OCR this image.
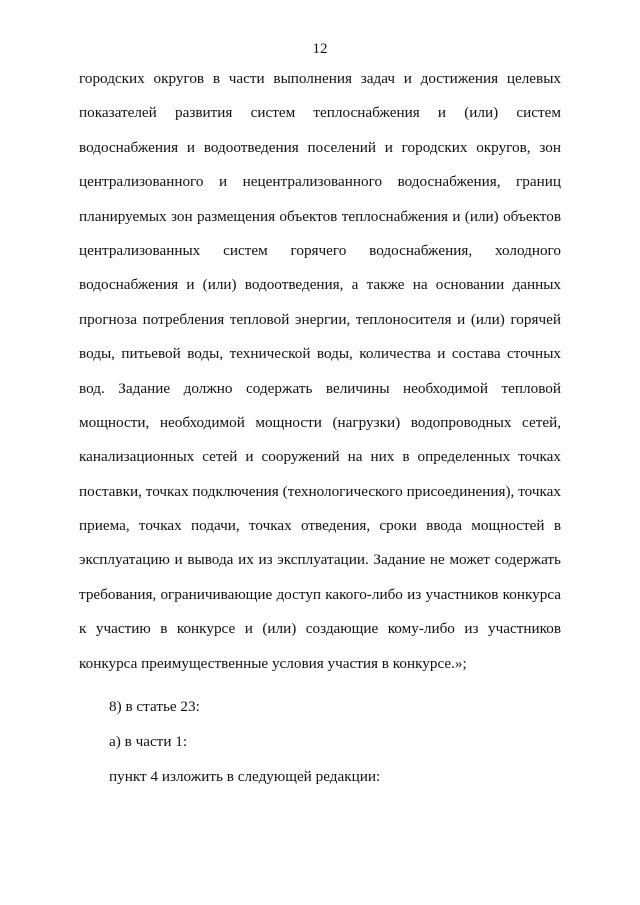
12
городских округов в части выполнения задач и достижения целевых
показателей развития систем теплоснабжения и (или) систем
водоснабжения и водоотведения поселений и городских округов, зон
централизованного и нецентрализованного водоснабжения, границ
планируемых зон размещения объектов теплоснабжения и (или) объектов
централизованных систем горячего водоснабжения, холодного
водоснабжения и (или) водоотведения, а также на основании данных
прогноза потребления тепловой энергии, теплоносителя и (или) горячей
воды, питьевой воды, технической воды, количества и состава сточных
вод. Задание должно содержать величины необходимой тепловой
мощности, необходимой мощности (нагрузки) водопроводных сетей,
канализационных сетей и сооружений на них в определенных точках
поставки, точках подключения (технологического присоединения), точках
приема, точках подачи, точках отведения, сроки ввода мощностей в
эксплуатацию и вывода их из эксплуатации. Задание не может содержать
требования, ограничивающие доступ какого-либо из участников конкурса
к участию в конкурсе и (или) создающие кому-либо из участников
конкурса преимущественные условия участия в конкурсе.»;
8) в статье 23:
а) в части 1:
пункт 4 изложить в следующей редакции:
